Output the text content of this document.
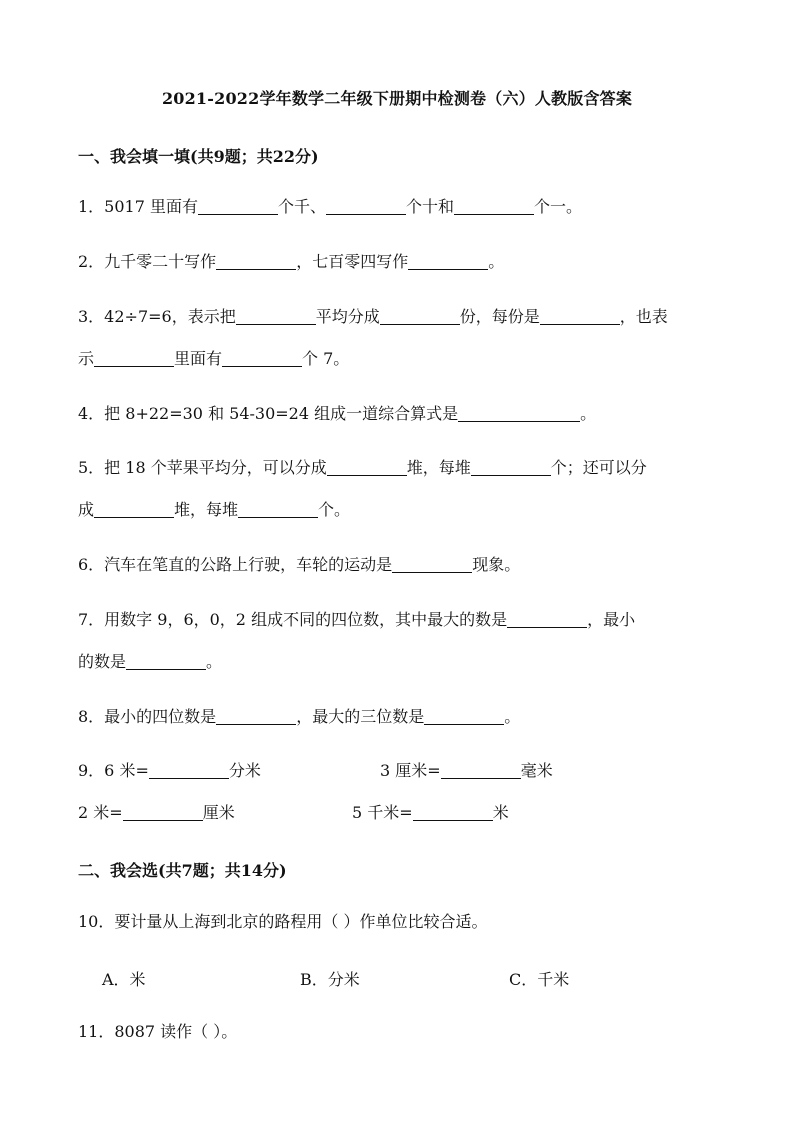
2021-2022学年数学二年级下册期中检测卷（六）人教版含答案
一、我会填一填(共9题；共22分)
1．5017 里面有	个千、	个十和	个一。
2．九千零二十写作	，七百零四写作	。
3．42÷7=6，表示把	平均分成	份，每份是	，也表
示	里面有	个 7。
4．把 8+22=30 和 54-30=24 组成一道综合算式是	。
5．把 18 个苹果平均分，可以分成	堆，每堆	个；还可以分
成	堆，每堆	个。
6．汽车在笔直的公路上行驶，车轮的运动是	现象。
7．用数字 9，6，0，2 组成不同的四位数，其中最大的数是	，最小
的数是	。
8．最小的四位数是	，最大的三位数是	。
9．6 米=	分米	3 厘米=	毫米
2 米=	厘米	5 千米=	米
二、我会选(共7题；共14分)
10．要计量从上海到北京的路程用（ ）作单位比较合适。
A．米	B．分米	C．千米
11．8087 读作（ ）。
